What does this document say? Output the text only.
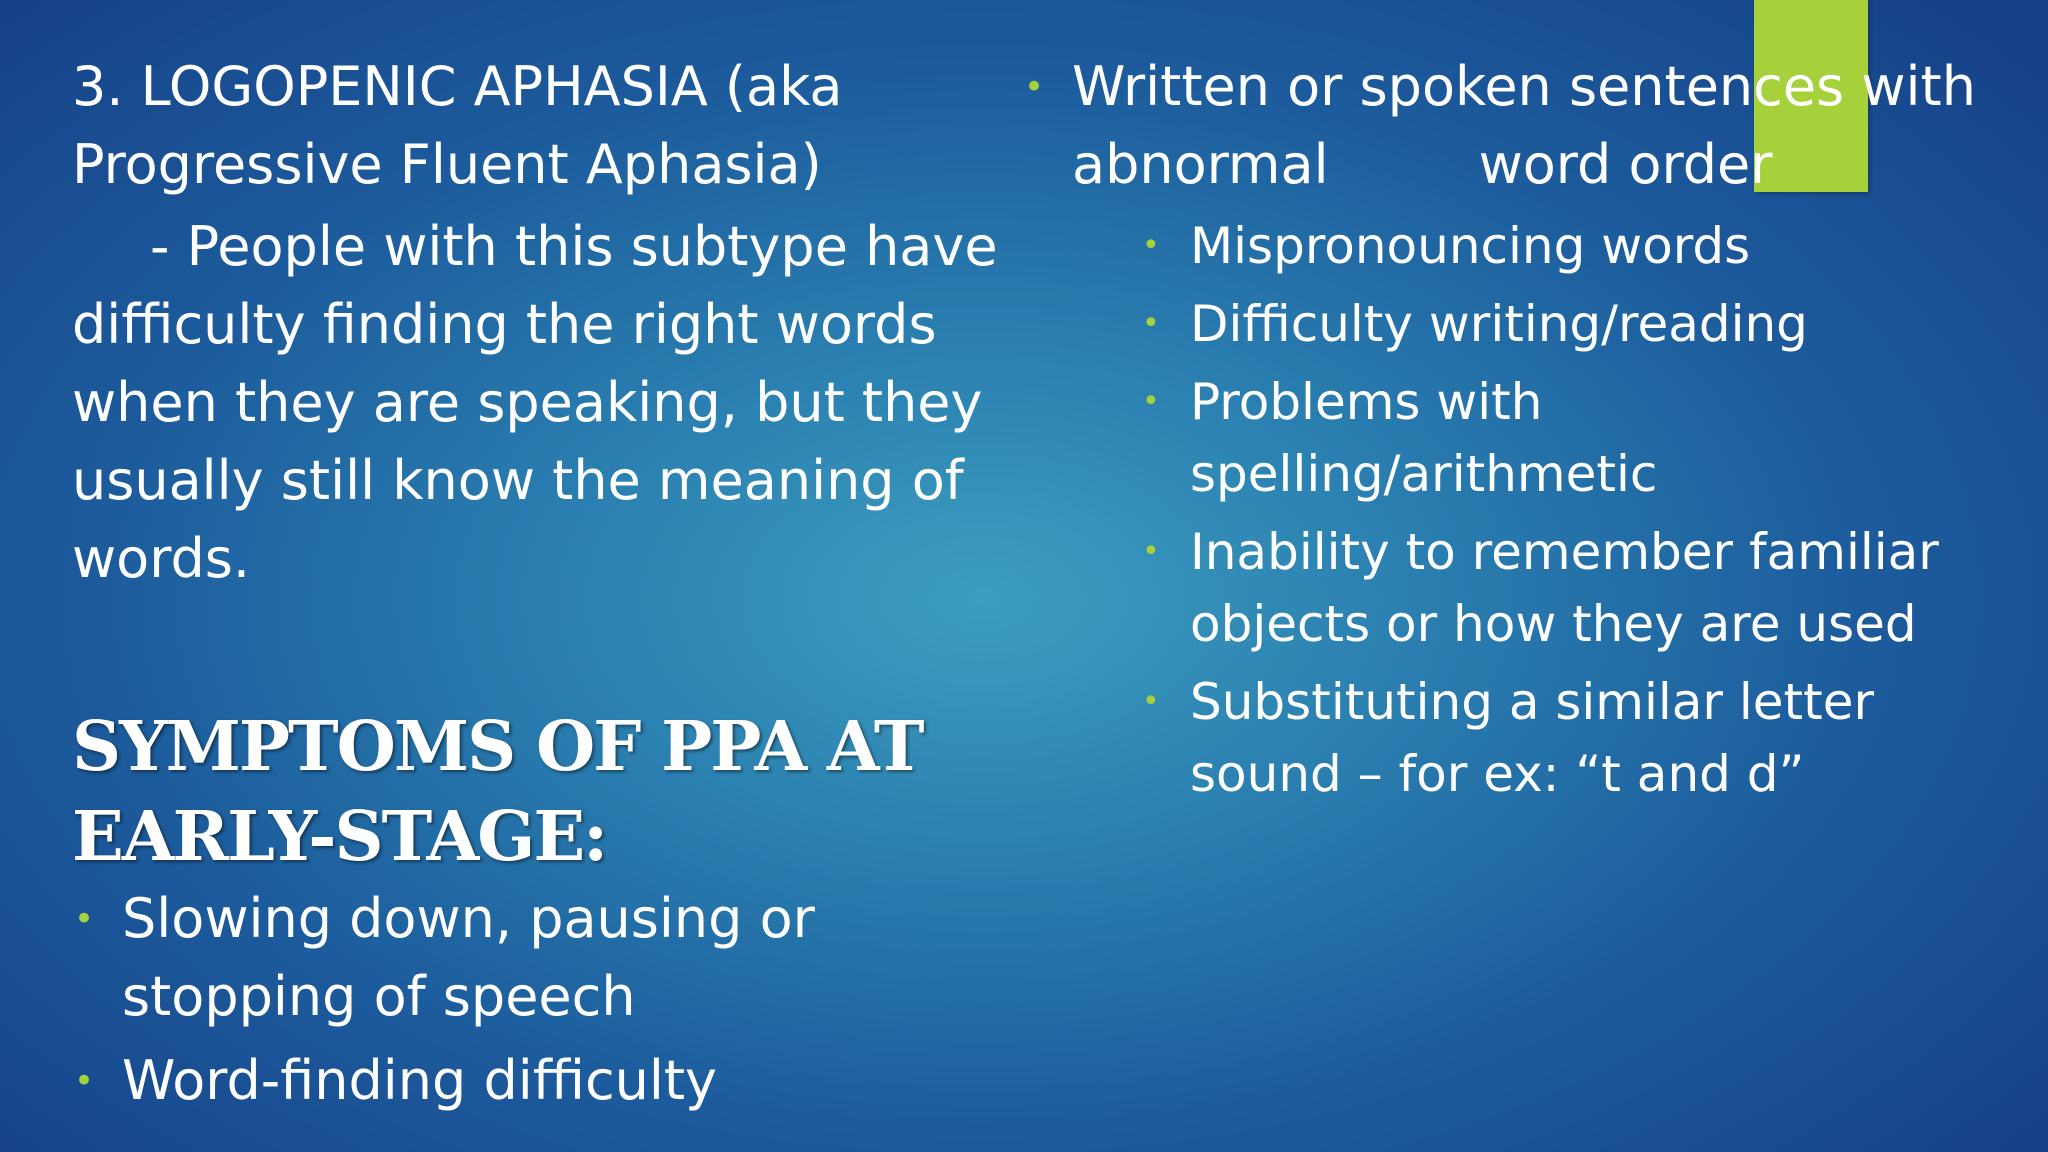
3. LOGOPENIC APHASIA (aka Progressive Fluent Aphasia)

- People with this subtype have difficulty finding the right words when they are speaking, but they usually still know the meaning of words.

SYMPTOMS OF PPA AT EARLY-STAGE:
• Slowing down, pausing or stopping of speech
• Word-finding difficulty
• Written or spoken sentences with abnormal	word order
• Mispronouncing words
• Difficulty writing/reading
• Problems with spelling/arithmetic
• Inability to remember familiar objects or how they are used
• Substituting a similar letter sound – for ex: “t and d”
